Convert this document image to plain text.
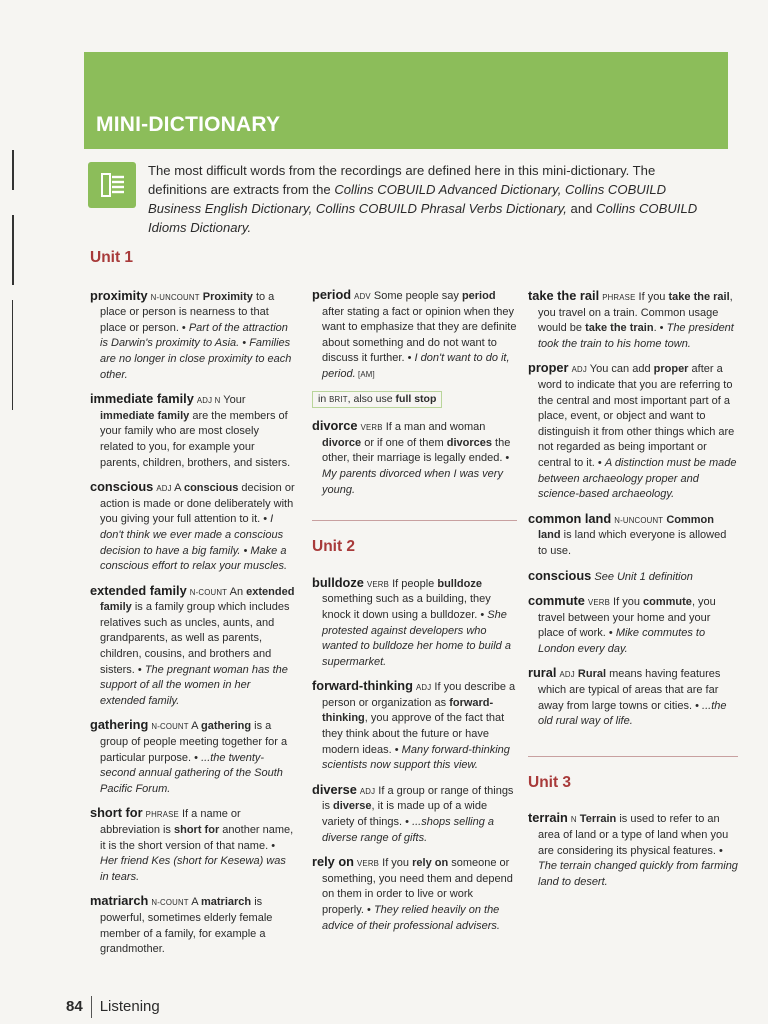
MINI-DICTIONARY
The most difficult words from the recordings are defined here in this mini-dictionary. The definitions are extracts from the Collins COBUILD Advanced Dictionary, Collins COBUILD Business English Dictionary, Collins COBUILD Phrasal Verbs Dictionary, and Collins COBUILD Idioms Dictionary.
Unit 1
proximity N-UNCOUNT Proximity to a place or person is nearness to that place or person. • Part of the attraction is Darwin's proximity to Asia. • Families are no longer in close proximity to each other.
immediate family ADJ N Your immediate family are the members of your family who are most closely related to you, for example your parents, children, brothers, and sisters.
conscious ADJ A conscious decision or action is made or done deliberately with you giving your full attention to it. • I don't think we ever made a conscious decision to have a big family. • Make a conscious effort to relax your muscles.
extended family N-COUNT An extended family is a family group which includes relatives such as uncles, aunts, and grandparents, as well as parents, children, cousins, and brothers and sisters. • The pregnant woman has the support of all the women in her extended family.
gathering N-COUNT A gathering is a group of people meeting together for a particular purpose. • ...the twenty-second annual gathering of the South Pacific Forum.
short for PHRASE If a name or abbreviation is short for another name, it is the short version of that name. • Her friend Kes (short for Kesewa) was in tears.
matriarch N-COUNT A matriarch is powerful, sometimes elderly female member of a family, for example a grandmother.
period ADV Some people say period after stating a fact or opinion when they want to emphasize that they are definite about something and do not want to discuss it further. • I don't want to do it, period. [AM]
in BRIT, also use full stop
divorce VERB If a man and woman divorce or if one of them divorces the other, their marriage is legally ended. • My parents divorced when I was very young.
Unit 2
bulldoze VERB If people bulldoze something such as a building, they knock it down using a bulldozer. • She protested against developers who wanted to bulldoze her home to build a supermarket.
forward-thinking ADJ If you describe a person or organization as forward-thinking, you approve of the fact that they think about the future or have modern ideas. • Many forward-thinking scientists now support this view.
diverse ADJ If a group or range of things is diverse, it is made up of a wide variety of things. • ...shops selling a diverse range of gifts.
rely on VERB If you rely on someone or something, you need them and depend on them in order to live or work properly. • They relied heavily on the advice of their professional advisers.
take the rail PHRASE If you take the rail, you travel on a train. Common usage would be take the train. • The president took the train to his home town.
proper ADJ You can add proper after a word to indicate that you are referring to the central and most important part of a place, event, or object and want to distinguish it from other things which are not regarded as being important or central to it. • A distinction must be made between archaeology proper and science-based archaeology.
common land N-UNCOUNT Common land is land which everyone is allowed to use.
conscious See Unit 1 definition
commute VERB If you commute, you travel between your home and your place of work. • Mike commutes to London every day.
rural ADJ Rural means having features which are typical of areas that are far away from large towns or cities. • ...the old rural way of life.
Unit 3
terrain N Terrain is used to refer to an area of land or a type of land when you are considering its physical features. • The terrain changed quickly from farming land to desert.
84 Listening
